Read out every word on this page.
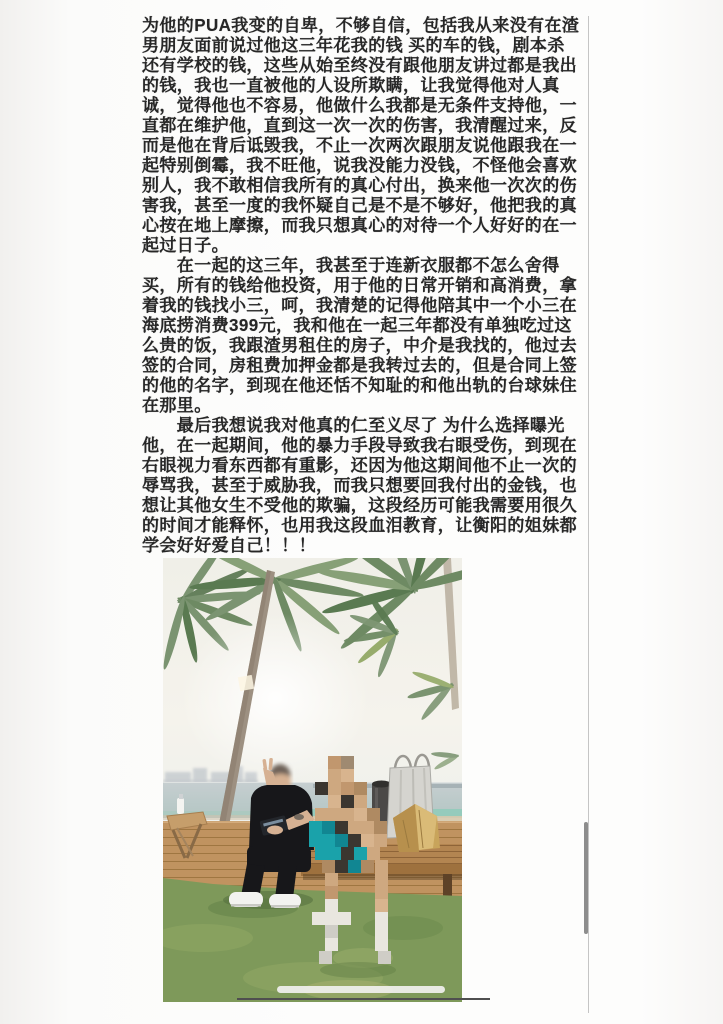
为他的PUA我变的自卑，不够自信，包括我从来没有在渣
男朋友面前说过他这三年花我的钱 买的车的钱，剧本杀
还有学校的钱，这些从始至终没有跟他朋友讲过都是我出
的钱，我也一直被他的人设所欺瞒，让我觉得他对人真
诚，觉得他也不容易，他做什么我都是无条件支持他，一
直都在维护他，直到这一次一次的伤害，我清醒过来，反
而是他在背后诋毁我，不止一次两次跟朋友说他跟我在一
起特别倒霉，我不旺他，说我没能力没钱，不怪他会喜欢
别人，我不敢相信我所有的真心付出，换来他一次次的伤
害我，甚至一度的我怀疑自己是不是不够好，他把我的真
心按在地上摩擦，而我只想真心的对待一个人好好的在一
起过日子。
　　在一起的这三年，我甚至于连新衣服都不怎么舍得
买，所有的钱给他投资，用于他的日常开销和高消费，拿
着我的钱找小三，呵，我清楚的记得他陪其中一个小三在
海底捞消费399元，我和他在一起三年都没有单独吃过这
么贵的饭，我跟渣男租住的房子，中介是我找的，他过去
签的合同，房租费加押金都是我转过去的，但是合同上签
的他的名字，到现在他还恬不知耻的和他出轨的台球妹住
在那里。
　　最后我想说我对他真的仁至义尽了 为什么选择曝光
他，在一起期间，他的暴力手段导致我右眼受伤，到现在
右眼视力看东西都有重影，还因为他这期间他不止一次的
辱骂我，甚至于威胁我，而我只想要回我付出的金钱，也
想让其他女生不受他的欺骗，这段经历可能我需要用很久
的时间才能释怀，也用我这段血泪教育，让衡阳的姐妹都
学会好好爱自己！！！
